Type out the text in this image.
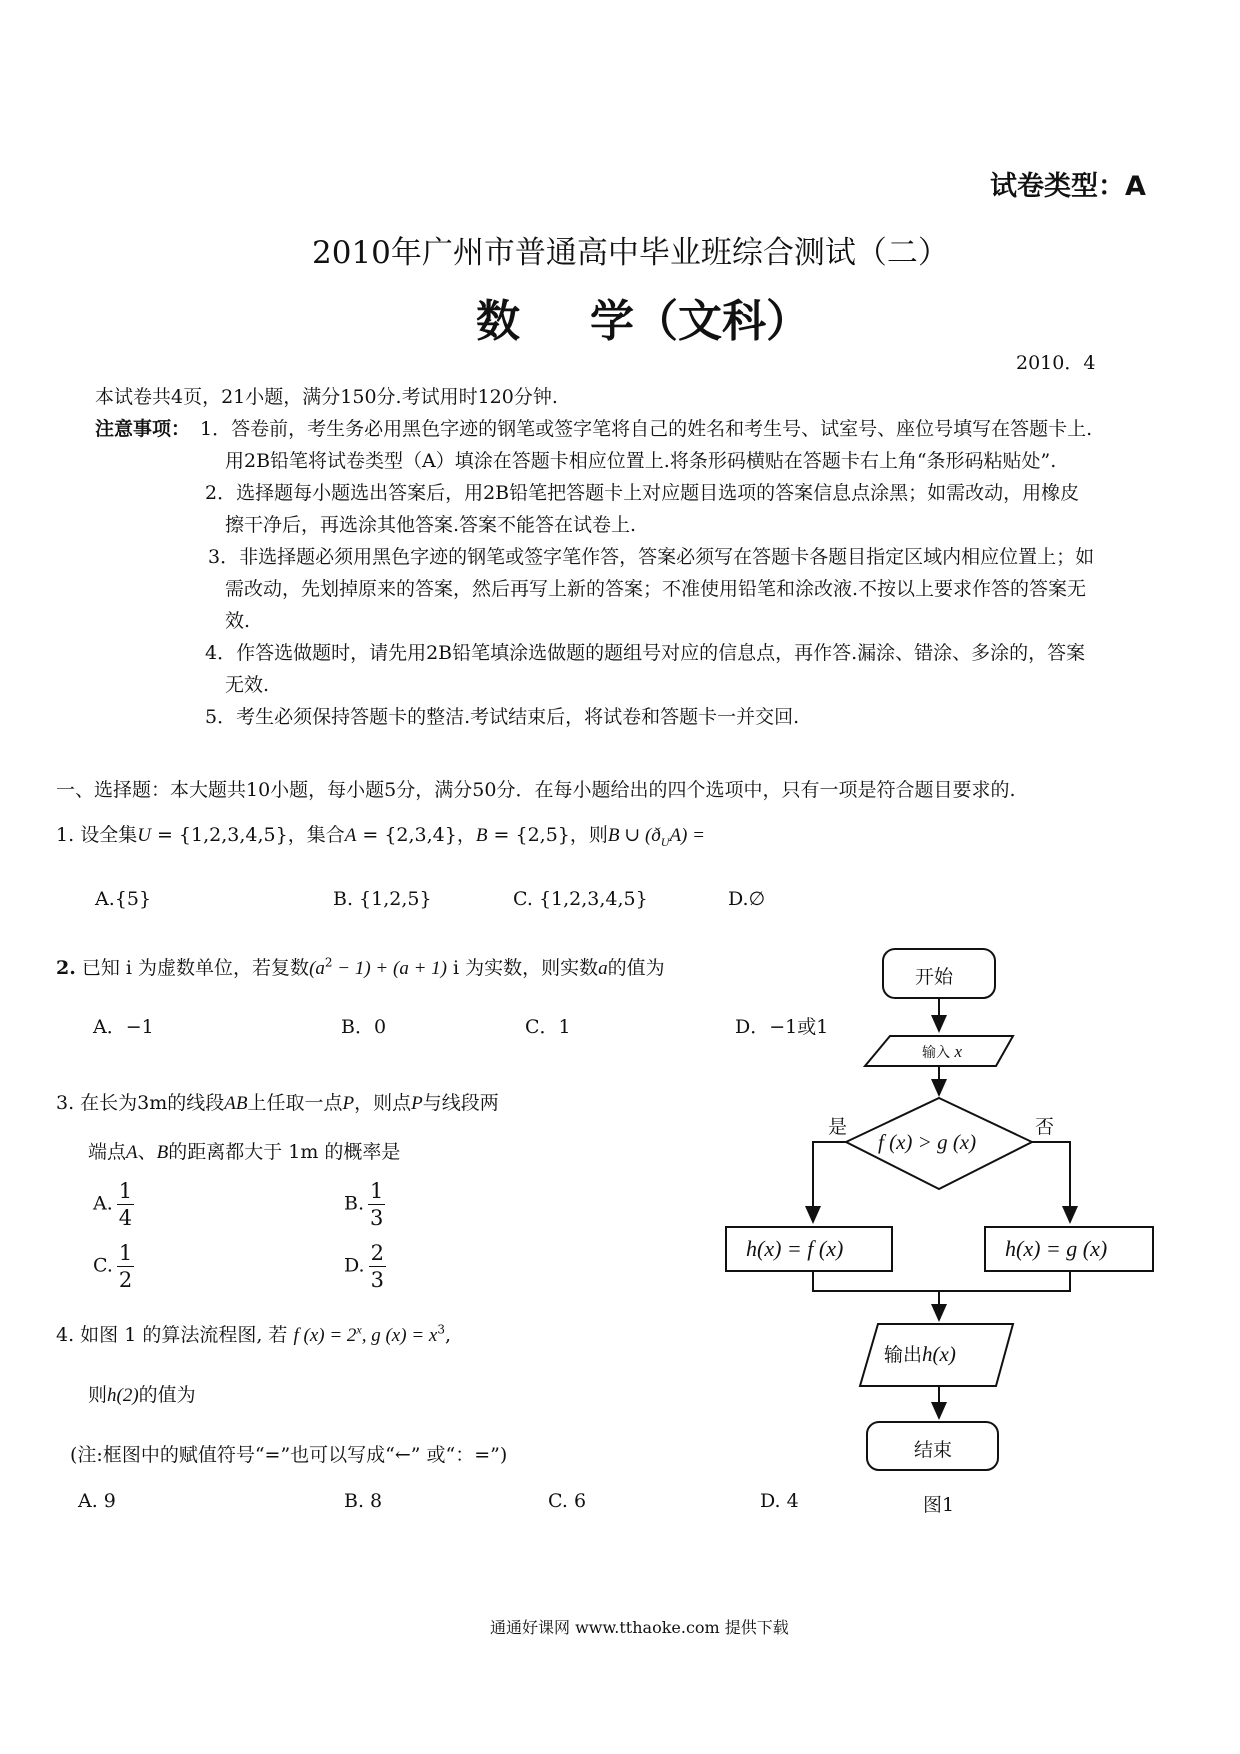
试卷类型：A
2010年广州市普通高中毕业班综合测试（二）
数 学（文科）
2010．4
本试卷共4页，21小题，满分150分.考试用时120分钟.
注意事项： 1．答卷前，考生务必用黑色字迹的钢笔或签字笔将自己的姓名和考生号、试室号、座位号填写在答题卡上.
用2B铅笔将试卷类型（A）填涂在答题卡相应位置上.将条形码横贴在答题卡右上角“条形码粘贴处”.
2．选择题每小题选出答案后，用2B铅笔把答题卡上对应题目选项的答案信息点涂黑；如需改动，用橡皮
擦干净后，再选涂其他答案.答案不能答在试卷上.
3．非选择题必须用黑色字迹的钢笔或签字笔作答，答案必须写在答题卡各题目指定区域内相应位置上；如
需改动，先划掉原来的答案，然后再写上新的答案；不准使用铅笔和涂改液.不按以上要求作答的答案无
效.
4．作答选做题时，请先用2B铅笔填涂选做题的题组号对应的信息点，再作答.漏涂、错涂、多涂的，答案
无效.
5．考生必须保持答题卡的整洁.考试结束后，将试卷和答题卡一并交回.
一、选择题：本大题共10小题，每小题5分，满分50分．在每小题给出的四个选项中，只有一项是符合题目要求的.
1. 设全集U = {1,2,3,4,5}，集合A = {2,3,4}，B = {2,5}，则B ∪ $(ð_UA)$ =
A.{5}	B. {1,2,5}	C. {1,2,3,4,5}	D.∅
2. 已知 i 为虚数单位，若复数$(a^2 - 1) + (a + 1)$ i 为实数，则实数a的值为
A．−1	B．0	C．1	D．−1或1
3. 在长为3m的线段AB上任取一点P，则点P与线段两
端点A、B的距离都大于 1m 的概率是
A. $\frac{1}{4}$	B. $\frac{1}{3}$
C. $\frac{1}{2}$	D. $\frac{2}{3}$
4. 如图 1 的算法流程图, 若 f $(x) = 2^x$, g $(x) = x^3$,
则h(2)的值为
(注:框图中的赋值符号“=”也可以写成“←” 或“：=”)
A. 9	B. 8	C. 6	D. 4
开始
输入 x
是	否
f (x) > g (x)
h(x) = f (x)	h(x) = g (x)
输出h(x)
结束
图1
通通好课网 www.tthaoke.com 提供下载
